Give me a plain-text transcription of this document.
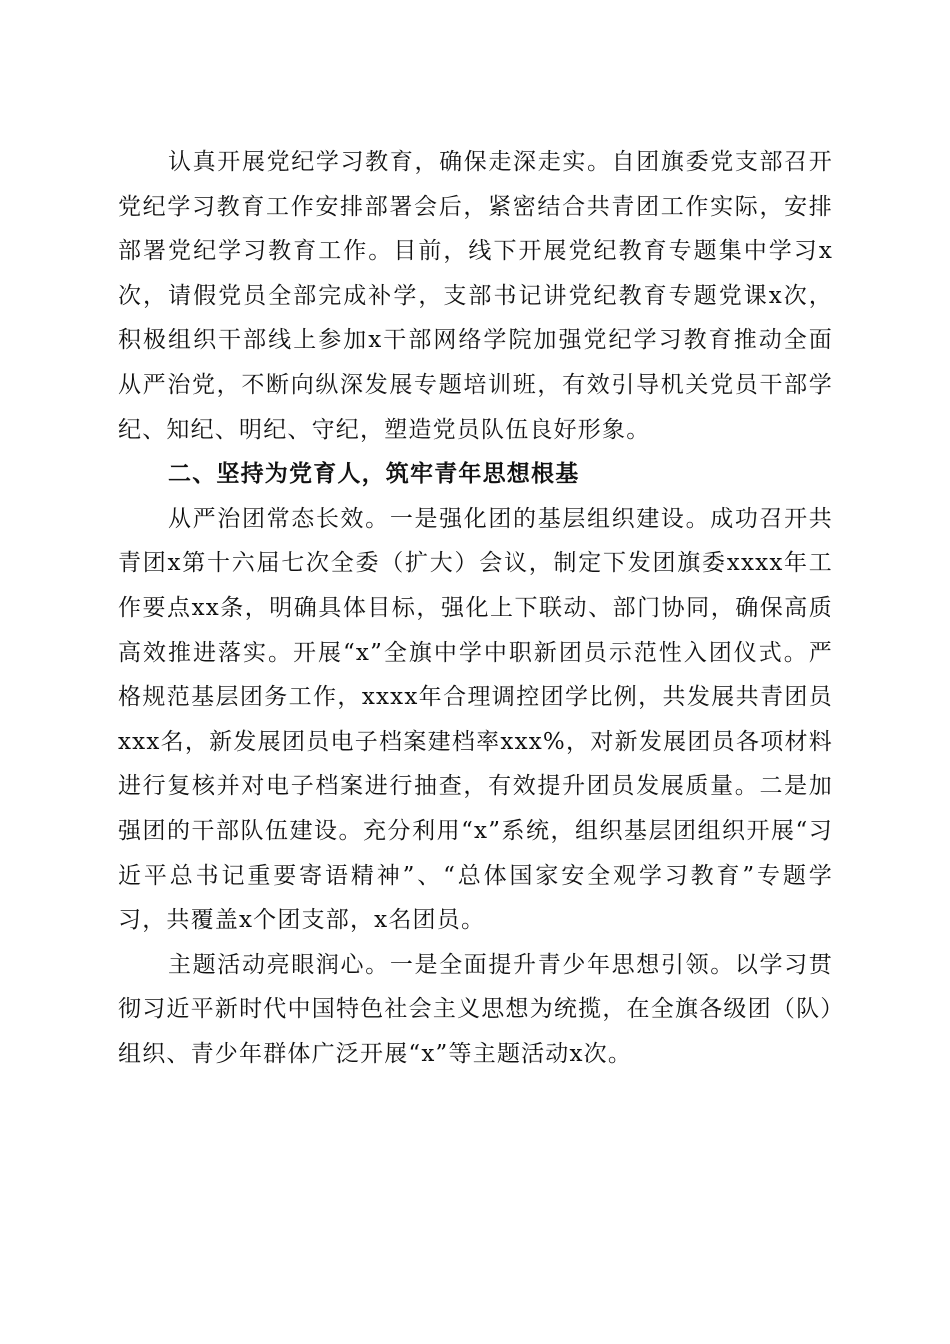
认真开展党纪学习教育，确保走深走实。自团旗委党支部召开党纪学习教育工作安排部署会后，紧密结合共青团工作实际，安排部署党纪学习教育工作。目前，线下开展党纪教育专题集中学习x次，请假党员全部完成补学，支部书记讲党纪教育专题党课x次，积极组织干部线上参加x干部网络学院加强党纪学习教育推动全面从严治党，不断向纵深发展专题培训班，有效引导机关党员干部学纪、知纪、明纪、守纪，塑造党员队伍良好形象。

二、坚持为党育人，筑牢青年思想根基

从严治团常态长效。一是强化团的基层组织建设。成功召开共青团x第十六届七次全委（扩大）会议，制定下发团旗委xxxx年工作要点xx条，明确具体目标，强化上下联动、部门协同，确保高质高效推进落实。开展“x”全旗中学中职新团员示范性入团仪式。严格规范基层团务工作，xxxx年合理调控团学比例，共发展共青团员xxx名，新发展团员电子档案建档率xxx%，对新发展团员各项材料进行复核并对电子档案进行抽查，有效提升团员发展质量。二是加强团的干部队伍建设。充分利用“x”系统，组织基层团组织开展“习近平总书记重要寄语精神”、“总体国家安全观学习教育”专题学习，共覆盖x个团支部，x名团员。

主题活动亮眼润心。一是全面提升青少年思想引领。以学习贯彻习近平新时代中国特色社会主义思想为统揽，在全旗各级团（队）组织、青少年群体广泛开展“x”等主题活动x次。
